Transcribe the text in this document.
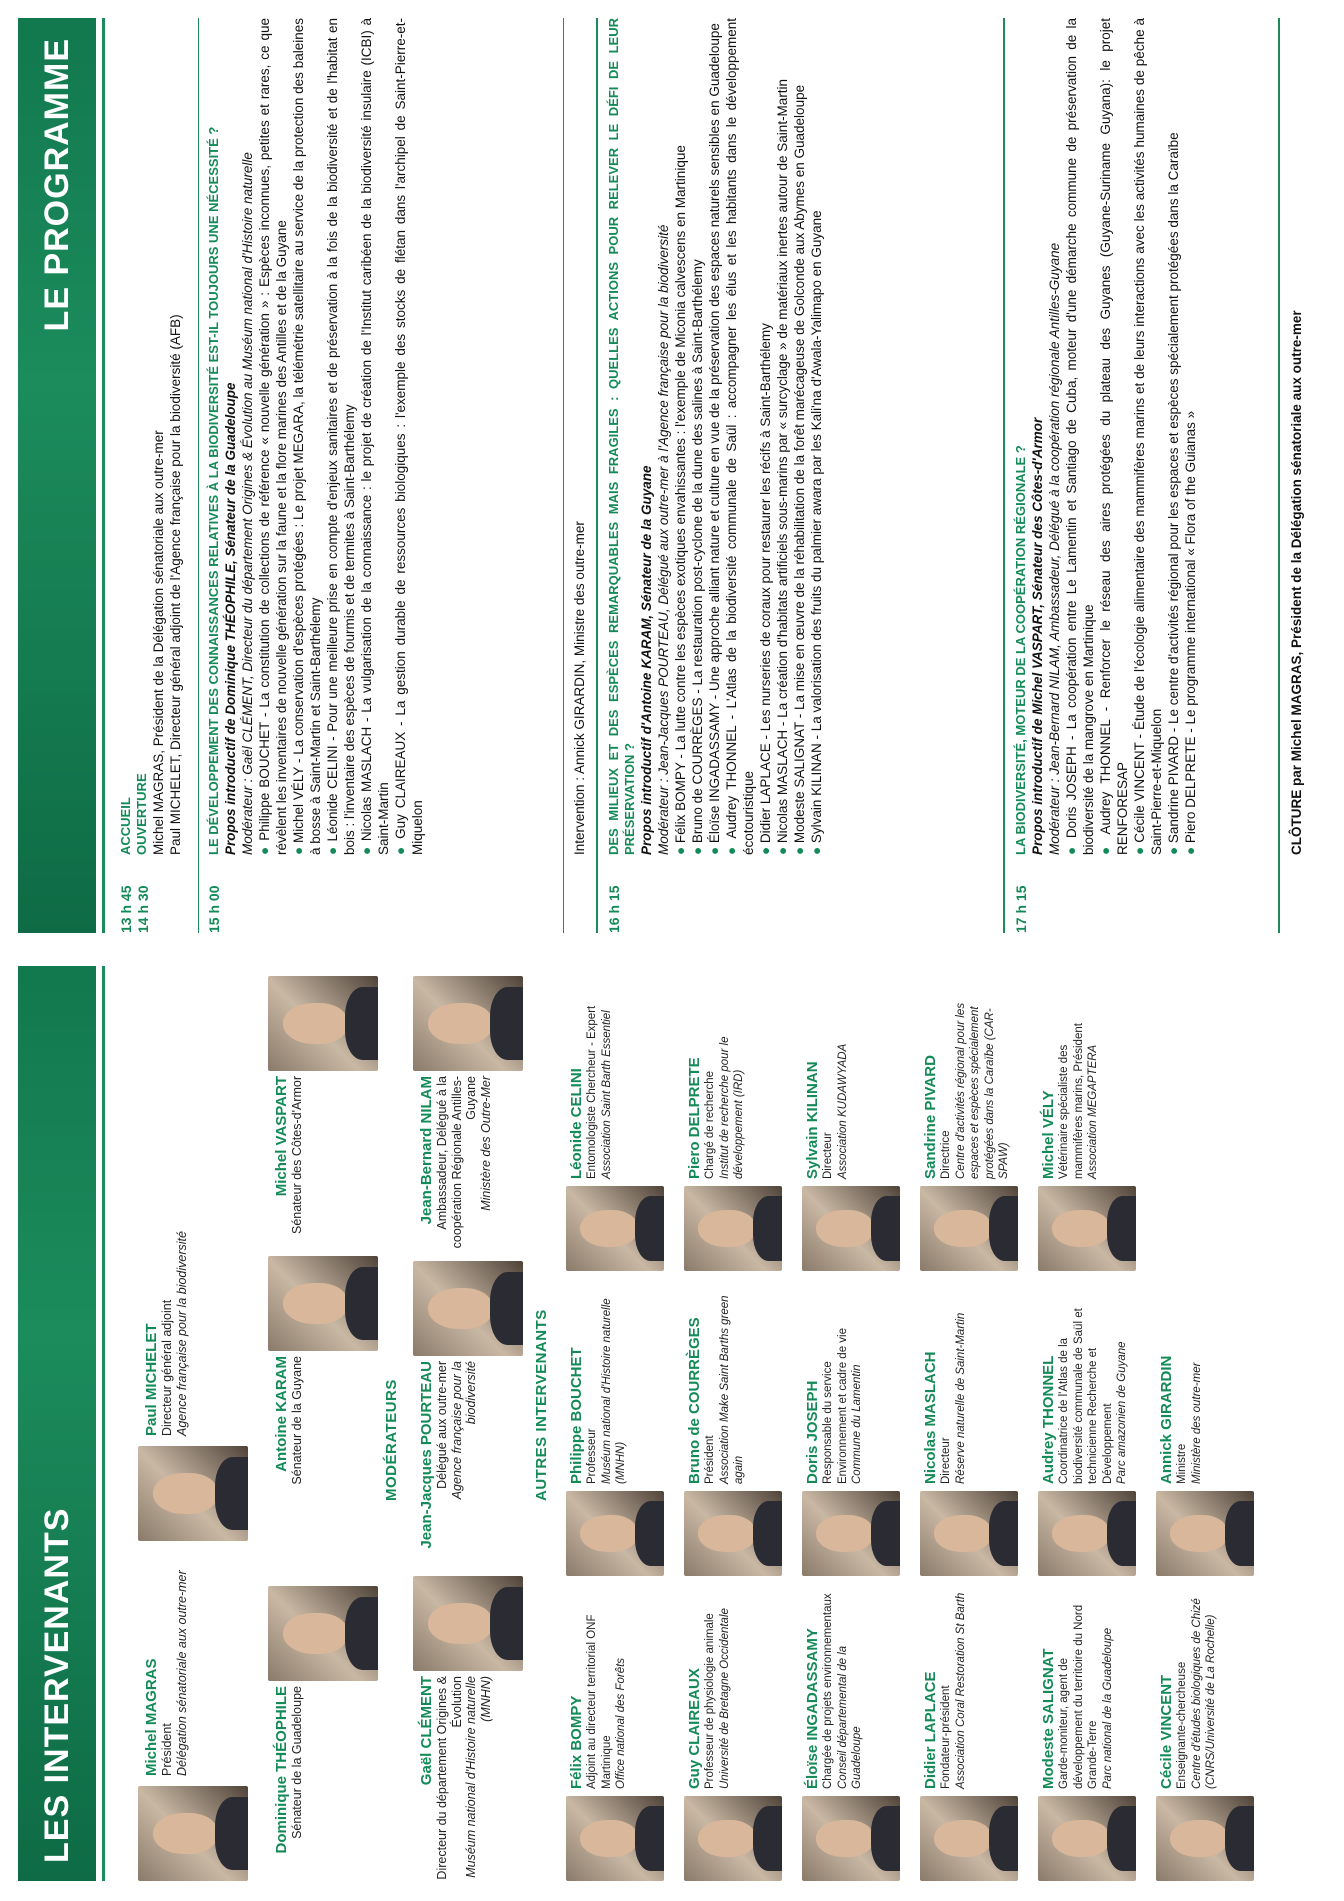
LES INTERVENANTS	Michel MAGRAS Président Délégation sénatoriale aux outre-mer
Paul MICHELET Directeur général adjoint Agence française pour la biodiversité
Dominique THÉOPHILE Sénateur de la Guadeloupe
Antoine KARAM Sénateur de la Guyane
Michel VASPART Sénateur des Côtes-d'Armor
MODÉRATEURS
Gaël CLÉMENT Directeur du département Origines & Évolution Muséum national d'Histoire naturelle (MNHN)
Jean-Jacques POURTEAU Délégué aux outre-mer Agence française pour la biodiversité
Jean-Bernard NILAM Ambassadeur, Délégué à la coopération Régionale Antilles-Guyane Ministère des Outre-Mer
AUTRES INTERVENANTS
Félix BOMPY Adjoint au directeur territorial ONF Martinique Office national des Forêts
Philippe BOUCHET Professeur Muséum national d'Histoire naturelle (MNHN)
Léonide CELINI Entomologiste Chercheur - Expert Association Saint Barth Essentiel
Guy CLAIREAUX Professeur de physiologie animale Université de Bretagne Occidentale
Bruno de COURRÈGES Président Association Make Saint Barths green again
Piero DELPRETE Chargé de recherche Institut de recherche pour le développement (IRD)
Éloïse INGADASSAMY Chargée de projets environnementaux Conseil départemental de la Guadeloupe
Doris JOSEPH Responsable du service Environnement et cadre de vie Commune du Lamentin
Sylvain KILINAN Directeur Association KUDAWYADA
Didier LAPLACE Fondateur-président Association Coral Restoration St Barth
Nicolas MASLACH Directeur Réserve naturelle de Saint-Martin
Sandrine PIVARD Directrice Centre d'activités régional pour les espaces et espèces spécialement protégées dans la Caraïbe (CAR-SPAW)
Modeste SALIGNAT Garde-moniteur, agent de développement du territoire du Nord Grande-Terre Parc national de la Guadeloupe
Audrey THONNEL Coordinatrice de l'Atlas de la biodiversité communale de Saül et technicienne Recherche et Développement Parc amazonien de Guyane
Michel VÉLY Vétérinaire spécialiste des mammifères marins, Président Association MEGAPTERA
Cécile VINCENT Enseignante-chercheuse Centre d'études biologiques de Chizé (CNRS/Université de La Rochelle)
Annick GIRARDIN Ministre Ministère des outre-mer
LE PROGRAMME
13 h 45 14 h 30
ACCUEIL OUVERTURE Michel MAGRAS, Président de la Délégation sénatoriale aux outre-mer Paul MICHELET, Directeur général adjoint de l'Agence française pour la biodiversité (AFB)
15 h 00
LE DÉVELOPPEMENT DES CONNAISSANCES RELATIVES À LA BIODIVERSITÉ EST-IL TOUJOURS UNE NÉCESSITÉ ? Propos introductif de Dominique THÉOPHILE, Sénateur de la Guadeloupe Modérateur : Gaël CLÉMENT, Directeur du département Origines & Évolution au Muséum national d'Histoire naturelle ● Philippe BOUCHET - La constitution de collections de référence « nouvelle génération » : Espèces inconnues, petites et rares, ce que révèlent les inventaires de nouvelle génération sur la faune et la flore marines des Antilles et de la Guyane ● Michel VÉLY - La conservation d'espèces protégées : Le projet MEGARA, la télémétrie satellitaire au service de la protection des baleines à bosse à Saint-Martin et Saint-Barthélemy ● Léonide CELINI - Pour une meilleure prise en compte d'enjeux sanitaires et de préservation à la fois de la biodiversité et de l'habitat en bois : l'inventaire des espèces de fourmis et de termites à Saint-Barthélemy ● Nicolas MASLACH - La vulgarisation de la connaissance : le projet de création de l'Institut caribéen de la biodiversité insulaire (ICBI) à Saint-Martin ● Guy CLAIREAUX - La gestion durable de ressources biologiques : l'exemple des stocks de flétan dans l'archipel de Saint-Pierre-et-Miquelon	Intervention : Annick GIRARDIN, Ministre des outre-mer
16 h 15
DES MILIEUX ET DES ESPÈCES REMARQUABLES MAIS FRAGILES : QUELLES ACTIONS POUR RELEVER LE DÉFI DE LEUR PRÉSERVATION ? Propos introductif d'Antoine KARAM, Sénateur de la Guyane Modérateur : Jean-Jacques POURTEAU, Délégué aux outre-mer à l'Agence française pour la biodiversité ● Félix BOMPY - La lutte contre les espèces exotiques envahissantes : l'exemple de Miconia calvescens en Martinique
● Bruno de COURRÈGES - La restauration post-cyclone de la dune des salines à Saint-Barthélemy
● Éloïse INGADASSAMY - Une approche alliant nature et culture en vue de la préservation des espaces naturels sensibles en Guadeloupe
● Audrey THONNEL - L'Atlas de la biodiversité communale de Saül : accompagner les élus et les habitants dans le développement écotouristique ● Didier LAPLACE - Les nurseries de coraux pour restaurer les récifs à Saint-Barthélemy
● Nicolas MASLACH - La création d'habitats artificiels sous-marins par « surcyclage » de matériaux inertes autour de Saint-Martin
● Modeste SALIGNAT - La mise en œuvre de la réhabilitation de la forêt marécageuse de Golconde aux Abymes en Guadeloupe
● Sylvain KILINAN - La valorisation des fruits du palmier awara par les Kali'na d'Awala-Yalimapo en Guyane
17 h 15
LA BIODIVERSITÉ, MOTEUR DE LA COOPÉRATION RÉGIONALE ? Propos introductif de Michel VASPART, Sénateur des Côtes-d'Armor Modérateur : Jean-Bernard NILAM, Ambassadeur, Délégué à la coopération régionale Antilles-Guyane ● Doris JOSEPH - La coopération entre Le Lamentin et Santiago de Cuba, moteur d'une démarche commune de préservation de la biodiversité de la mangrove en Martinique ● Audrey THONNEL - Renforcer le réseau des aires protégées du plateau des Guyanes (Guyane-Suriname Guyana): le projet RENFORESAP ● Cécile VINCENT - Étude de l'écologie alimentaire des mammifères marins et de leurs interactions avec les activités humaines de pêche à Saint-Pierre-et-Miquelon ● Sandrine PIVARD - Le centre d'activités régional pour les espaces et espèces spécialement protégées dans la Caraïbe
● Piero DELPRETE - Le programme international « Flora of the Guianas »	CLÔTURE par Michel MAGRAS, Président de la Délégation sénatoriale aux outre-mer
